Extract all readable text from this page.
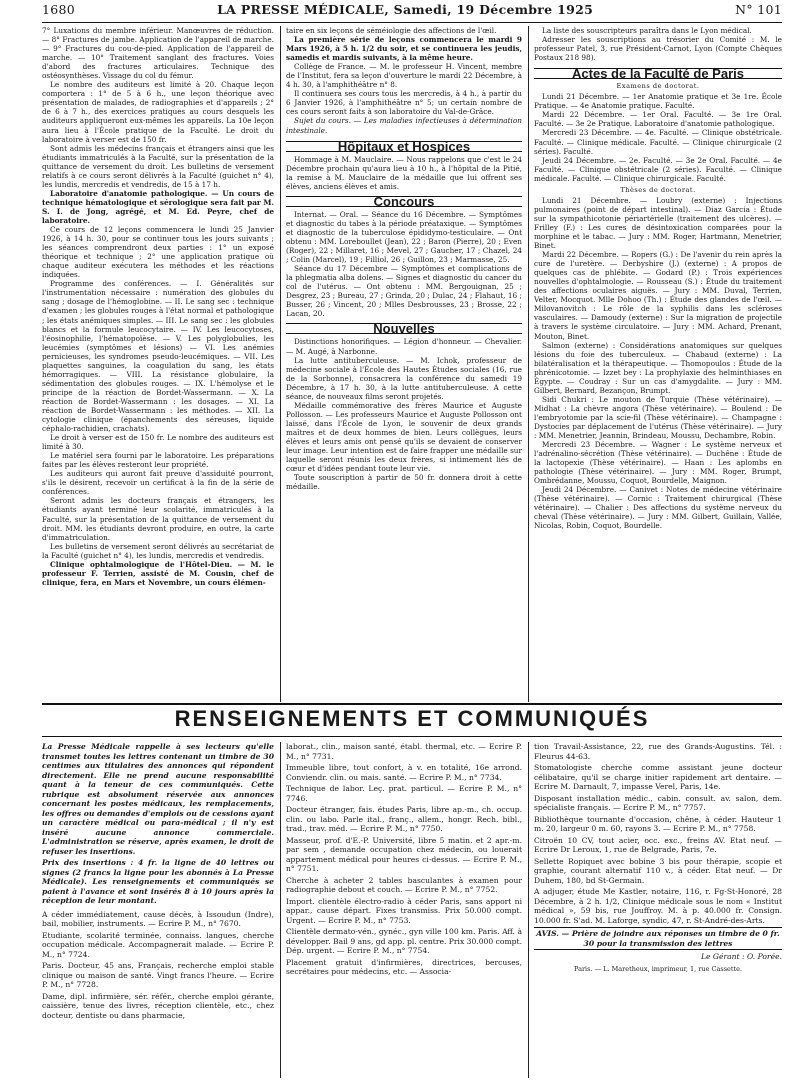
1680	LA PRESSE MÉDICALE, Samedi, 19 Décembre 1925	N° 101

7° Luxations du membre inférieur. Manœuvres de réduction. — 8° Fractures de jambe. Application de l'appareil de marche. — 9° Fractures du cou-de-pied. Application de l'appareil de marche. — 10° Traitement sanglant des fractures. Voies d'abord des fractures articulaires. Technique des ostéosynthèses. Vissage du col du fémur.

Le nombre des auditeurs est limité à 20. Chaque leçon comportera : 1° de 5 à 6 h., une leçon théorique avec présentation de malades, de radiographies et d'appareils ; 2° de 6 à 7 h., des exercices pratiques au cours desquels les auditeurs appliqueront eux-mêmes les appareils. La 10e leçon aura lieu à l'École pratique de la Faculté. Le droit du laboratoire à verser est de 150 fr.

Sont admis les médecins français et étrangers ainsi que les étudiants immatriculés à la Faculté, sur la présentation de la quittance de versement du droit. Les bulletins de versement relatifs à ce cours seront délivrés à la Faculté (guichet n° 4), les lundis, mercredis et vendredis, de 15 à 17 h.

Laboratoire d'anatomie pathologique. — Un cours de technique hématologique et sérologique sera fait par M. S. I. de Jong, agrégé, et M. Ed. Peyre, chef de laboratoire.

Ce cours de 12 leçons commencera le lundi 25 Janvier 1926, à 14 h. 30, pour se continuer tous les jours suivants ; les séances comprendront deux parties : 1° un exposé théorique et technique ; 2° une application pratique où chaque auditeur exécutera les méthodes et les réactions indiquées.

Programme des conférences. — I. Généralités sur l'instrumentation nécessaire : numération des globules du sang ; dosage de l'hémoglobine. — II. Le sang sec : technique d'examen ; les globules rouges à l'état normal et pathologique ; les états anémiques simples. — III. Le sang sec : les globules blancs et la formule leucocytaire. — IV. Les leucocytoses, l'éosinophilie, l'hématopoïèse. — V. Les polyglobulies, les leucémies (symptômes et lésions) — VI. Les anémies pernicieuses, les syndromes pseudo-leucémiques. — VII. Les plaquettes sanguines, la coagulation du sang, les états hémorragiques. — VIII. La résistance globulaire, la sédimentation des globules rouges. — IX. L'hémolyse et le principe de la réaction de Bordet-Wassermann. — X. La réaction de Bordet-Wassermann : les dosages. — XI. La réaction de Bordet-Wassermann : les méthodes. — XII. La cytologie clinique (épanchements des séreuses, liquide céphalo-rachidien, crachats).

Le droit à verser est de 150 fr. Le nombre des auditeurs est limité à 30.

Le matériel sera fourni par le laboratoire. Les préparations faites par les élèves resteront leur propriété.

Les auditeurs qui auront fait preuve d'assiduité pourront, s'ils le désirent, recevoir un certificat à la fin de la série de conférences.

Seront admis les docteurs français et étrangers, les étudiants ayant terminé leur scolarité, immatriculés à la Faculté, sur la présentation de la quittance de versement du droit. MM. les étudiants devront produire, en outre, la carte d'immatriculation.

Les bulletins de versement seront délivrés au secrétariat de la Faculté (guichet n° 4), les lundis, mercredis et vendredis.

Clinique ophtalmologique de l'Hôtel-Dieu. — M. le professeur F. Terrien, assisté de M. Cousin, chef de clinique, fera, en Mars et Novembre, un cours élémen-

taire en six leçons de séméiologie des affections de l'œil.

La première série de leçons commencera le mardi 9 Mars 1926, à 5 h. 1/2 du soir, et se continuera les jeudis, samedis et mardis suivants, à la même heure.

Collège de France. — M. le professeur H. Vincent, membre de l'Institut, fera sa leçon d'ouverture le mardi 22 Décembre, à 4 h. 30, à l'amphithéâtre n° 8.

Il continuera ses cours tous les mercredis, à 4 h., à partir du 6 Janvier 1926, à l'amphithéâtre n° 5; un certain nombre de ces cours seront faits à son laboratoire du Val-de-Grâce.

Sujet du cours. — Les maladies infectieuses à détermination intestinale.

Hôpitaux et Hospices

Hommage à M. Mauclaire. — Nous rappelons que c'est le 24 Décembre prochain qu'aura lieu à 10 h., à l'hôpital de la Pitié, la remise à M. Mauclaire de la médaille que lui offrent ses élèves, anciens élèves et amis.

Concours

Internat. — Oral. — Séance du 16 Décembre. — Symptômes et diagnostic du tabes à la période préataxique. — Symptômes et diagnostic de la tuberculose épididymo-testiculaire. — Ont obtenu : MM. Loreboullet (Jean), 22 ; Baron (Pierre), 20 ; Even (Roger), 22 ; Millaret, 16 ; Mevel, 27 ; Gaucher, 17 ; Chazel, 24 ; Colin (Marcel), 19 ; Filliol, 26 ; Guillon, 23 ; Marmasse, 25.

Séance du 17 Décembre — Symptômes et complications de la phlegmatia alba dolens. — Signes et diagnostic du cancer du col de l'utérus. — Ont obtenu : MM. Bergouignan, 25 ; Desgrez, 23 ; Bureau, 27 ; Grinda, 20 ; Dulac, 24 ; Flahaut, 16 ; Busser, 26 ; Vincent, 20 ; Mlles Desbrousses, 23 ; Brosse, 22 ; Lacan, 20.

Nouvelles

Distinctions honorifiques. — Légion d'honneur. — Chevalier. — M. Augé, à Narbonne.

La lutte antituberculeuse. — M. Ichok, professeur de médecine sociale à l'École des Hautes Études sociales (16, rue de la Sorbonne), consacrera la conférence du samedi 19 Décembre, à 17 h. 30, à la lutte antituberculeuse. A cette séance, de nouveaux films seront projetés.

Médaille commémorative des frères Maurice et Auguste Pollosson. — Les professeurs Maurice et Auguste Pollosson ont laissé, dans l'École de Lyon, le souvenir de deux grands maîtres et de deux hommes de bien. Leurs collègues, leurs élèves et leurs amis ont pensé qu'ils se devaient de conserver leur image. Leur intention est de faire frapper une médaille sur laquelle seront réunis les deux frères, si intimement liés de cœur et d'idées pendant toute leur vie.

Toute souscription à partir de 50 fr. donnera droit à cette médaille.

La liste des souscripteurs paraîtra dans le Lyon médical.

Adresser les souscriptions au trésorier du Comité : M. le professeur Patel, 3, rue Président-Carnot, Lyon (Compte Chèques Postaux 218 98).

Actes de la Faculté de Paris
Examens de doctorat.

Lundi 21 Décembre. — 1er Anatomie pratique et 3e 1re. École Pratique. — 4e Anatomie pratique. Faculté.

Mardi 22 Décembre. — 1er Oral. Faculté. — 3e 1re Oral. Faculté. — 3e 2e Pratique. Laboratoire d'anatomie pathologique.

Mercredi 23 Décembre. — 4e. Faculté. — Clinique obstétricale. Faculté. — Clinique médicale. Faculté. — Clinique chirurgicale (2 séries). Faculté.

Jeudi 24 Décembre. — 2e. Faculté. — 3e 2e Oral. Faculté. — 4e Faculté. — Clinique obstétricale (2 séries). Faculté. — Clinique médicale. Faculté. — Clinique chirurgicale. Faculté.

Thèses de doctorat.

Lundi 21 Décembre. — Loubry (externe) : Injections pulmonaires (point de départ intestinal). — Diaz Garcia : Étude sur la sympathicotonie périartérielle (traitement des ulcères). — Frilley (F.) : Les cures de désintoxication comparées pour la morphine et le tabac. — Jury : MM. Roger, Hartmann, Menetrier, Binet.

Mardi 22 Décembre. — Ropers (G.) : De l'avenir du rein après la cure de l'uretère. — Derbyshire (J.) (externe) : A propos de quelques cas de phlébite. — Godard (P.) : Trois expériences nouvelles d'ophtalmologie. — Rousseau (S.) : Étude du traitement des affections oculaires aiguës. — Jury : MM. Duval, Terrien, Velter, Mocquot. Mlle Dohoo (Th.) : Étude des glandes de l'œil. — Milovanovitch : Le rôle de la syphilis dans les scléroses vasculaires. — Damoudy (externe) : Sur la migration de projectile à travers le système circulatoire. — Jury : MM. Achard, Prenant, Mouton, Binet.

Salmon (externe) : Considérations anatomiques sur quelques lésions du foie des tuberculeux. — Chabaud (externe) : La bilatéralisation et la thérapeutique. — Thomopoulos : Étude de la phrénicotomie. — Izzet bey : La prophylaxie des helminthiases en Égypte. — Coudray : Sur un cas d'amygdalite. — Jury : MM. Gilbert, Bernard, Bezançon, Brumpt.

Sidi Chukri : Le mouton de Turquie (Thèse vétérinaire). — Midhat : La chèvre angora (Thèse vétérinaire). — Boulend : De l'embryotomie par la scie-fil (Thèse vétérinaire). — Champagne : Dystocies par déplacement de l'utérus (Thèse vétérinaire). — Jury : MM. Menetrier, Jeannin, Brindeau, Moussu, Dechambre, Robin.

Mercredi 23 Décembre. — Wagner : Le système nerveux et l'adrénalino-sécrétion (Thèse vétérinaire). — Duchêne : Étude de la lactopexie (Thèse vétérinaire). — Haan : Les aplombs en pathologie (Thèse vétérinaire). — Jury : MM. Roger, Brumpt, Ombrédanne, Moussu, Coquot, Bourdelle, Maignon.

Jeudi 24 Décembre. — Canivet : Notes de médecine vétérinaire (Thèse vétérinaire). — Cornic : Traitement chirurgical (Thèse vétérinaire). — Chalier : Des affections du système nerveux du cheval (Thèse vétérinaire). — Jury : MM. Gilbert, Guillain, Vallée, Nicolas, Robin, Coquot, Bourdelle.

RENSEIGNEMENTS ET COMMUNIQUÉS

La Presse Médicale rappelle à ses lecteurs qu'elle transmet toutes les lettres contenant un timbre de 30 centimes aux titulaires des annonces qui répondent directement. Elle ne prend aucune responsabilité quant à la teneur de ces communiqués. Cette rubrique est absolument réservée aux annonces concernant les postes médicaux, les remplacements, les offres ou demandes d'emplois ou de cessions ayant un caractère médical ou para-médical ; il n'y est inséré aucune annonce commerciale. L'administration se réserve, après examen, le droit de refuser les insertions.

Prix des insertions : 4 fr. la ligne de 40 lettres ou signes (2 francs la ligne pour les abonnés à La Presse Médicale). Les renseignements et communiqués se paient à l'avance et sont insérés 8 à 10 jours après la réception de leur montant.

A céder immédiatement, cause décès, à Issoudun (Indre), bail, mobilier, instruments. — Ecrire P. M., n° 7670.

Etudiante, scolarité terminée, connaiss. langues, cherche occupation médicale. Accompagnerait malade. — Ecrire P. M., n° 7724.

Paris. Docteur, 45 ans, Français, recherche emploi stable clinique ou maison de santé. Vingt francs l'heure. — Ecrire P. M., n° 7728.

Dame, dipl. infirmière, sér. référ., cherche emploi gérante, caissière, tenue des livres, réception clientèle, etc., chez docteur, dentiste ou dans pharmacie,

laborat., clin., maison santé, établ. thermal, etc. — Ecrire P. M., n° 7731.

Immeuble libre, tout confort, à v. en totalité, 16e arrond. Conviendr. clin. ou mais. santé. — Ecrire P. M., n° 7734.

Technique de labor. Leç. prat. particul. — Ecrire P. M., n° 7746.

Docteur étranger, fais. études Paris, libre ap.-m., ch. occup. clin. ou labo. Parle ital., franç., allem., hongr. Rech. bibl., trad., trav. méd. — Ecrire P. M., n° 7750.

Masseur, prof. d'E.-P. Université, libre 5 matin. et 2 apr.-m. par sem , demande occupation chez médecin, ou louerait appartement médical pour heures ci-dessus. — Ecrire P. M., n° 7751.

Cherche à acheter 2 tables basculantes à examen pour radiographie debout et couch. — Ecrire P. M., n° 7752.

Import. clientèle électro-radio à céder Paris, sans apport ni appar., cause départ. Fixes transmiss. Prix 50.000 compt. Urgent. — Ecrire P. M., n° 7753.

Clientèle dermato-vén., gynéc., gyn ville 100 km. Paris. Aff. à développer. Bail 9 ans, gd app. pl. centre. Prix 30.000 compt. Dép. urgent. — Ecrire P. M., n° 7754.

Placement gratuit d'infirmières, directrices, bercuses, secrétaires pour médecins, etc. — Associa-

tion Travail-Assistance, 22, rue des Grands-Augustins. Tél. : Fleurus 44-63.

Stomatologiste cherche comme assistant jeune docteur célibataire, qu'il se charge initier rapidement art dentaire. — Ecrire M. Darnault, 7, impasse Verel, Paris, 14e.

Disposant installation médic., cabin. consult. av. salon, dem. spécialiste français. — Ecrire P. M., n° 7757.

Bibliothèque tournante d'occasion, chêne, à céder. Hauteur 1 m. 20, largeur 0 m. 60, rayons 3. — Ecrire P. M., n° 7758.

Citroën 10 CV, tout acier, occ. exc., freins AV. Etat neuf. — Ecrire Dr Leroux, 1, rue de Belgrade, Paris, 7e.

Sellette Ropiquet avec bobine 3 bis pour thérapie, scopie et graphie, courant alternatif 110 v., à céder. Etat neuf. — Dr Duhem, 180, bd St-Germain.

A adjuger, étude Me Kastler, notaire, 116, r. Fg-St-Honoré, 28 Décembre, à 2 h. 1/2, Clinique médicale sous le nom « Institut médical », 59 bis, rue Jouffroy. M. à p. 40.000 fr. Consign. 10.000 fr. S'ad. M. Laforge, syndic, 47, r. St-André-des-Arts.

AVIS. — Prière de joindre aux réponses un timbre de 0 fr. 30 pour la transmission des lettres
Le Gérant : O. Porée.
Paris. — L. Maretheux, imprimeur, 1, rue Cassette.
